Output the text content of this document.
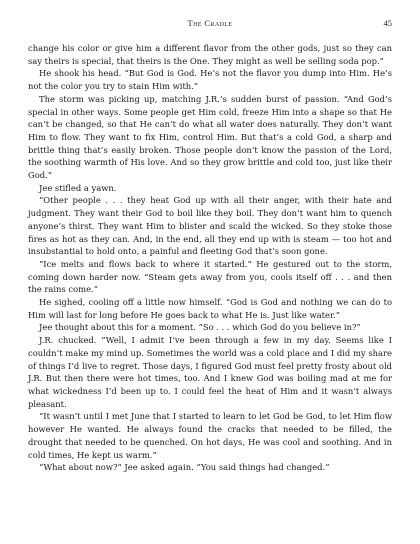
The Cradle	45

change his color or give him a different flavor from the other gods, just so they can say theirs is special, that theirs is the One. They might as well be selling soda pop.”

He shook his head. “But God is God. He’s not the flavor you dump into Him. He’s not the color you try to stain Him with.”

The storm was picking up, matching J.R.’s sudden burst of passion. “And God’s special in other ways. Some people get Him cold, freeze Him into a shape so that He can’t be changed, so that He can’t do what all water does naturally. They don’t want Him to flow. They want to fix Him, control Him. But that’s a cold God, a sharp and brittle thing that’s easily broken. Those people don’t know the passion of the Lord, the soothing warmth of His love. And so they grow brittle and cold too, just like their God.”

Jee stifled a yawn.

“Other people . . . they heat God up with all their anger, with their hate and judgment. They want their God to boil like they boil. They don’t want him to quench anyone’s thirst. They want Him to blister and scald the wicked. So they stoke those fires as hot as they can. And, in the end, all they end up with is steam — too hot and insubstantial to hold onto, a painful and fleeting God that’s soon gone.

“Ice melts and flows back to where it started.” He gestured out to the storm, coming down harder now. “Steam gets away from you, cools itself off . . . and then the rains come.”

He sighed, cooling off a little now himself. “God is God and nothing we can do to Him will last for long before He goes back to what He is. Just like water.”

Jee thought about this for a moment. “So . . . which God do you believe in?”

J.R. chucked. “Well, I admit I’ve been through a few in my day. Seems like I couldn’t make my mind up. Sometimes the world was a cold place and I did my share of things I’d live to regret. Those days, I figured God must feel pretty frosty about old J.R. But then there were hot times, too. And I knew God was boiling mad at me for what wickedness I’d been up to. I could feel the heat of Him and it wasn’t always pleasant.

“It wasn’t until I met June that I started to learn to let God be God, to let Him flow however He wanted. He always found the cracks that needed to be filled, the drought that needed to be quenched. On hot days, He was cool and soothing. And in cold times, He kept us warm.”

“What about now?” Jee asked again. “You said things had changed.”
